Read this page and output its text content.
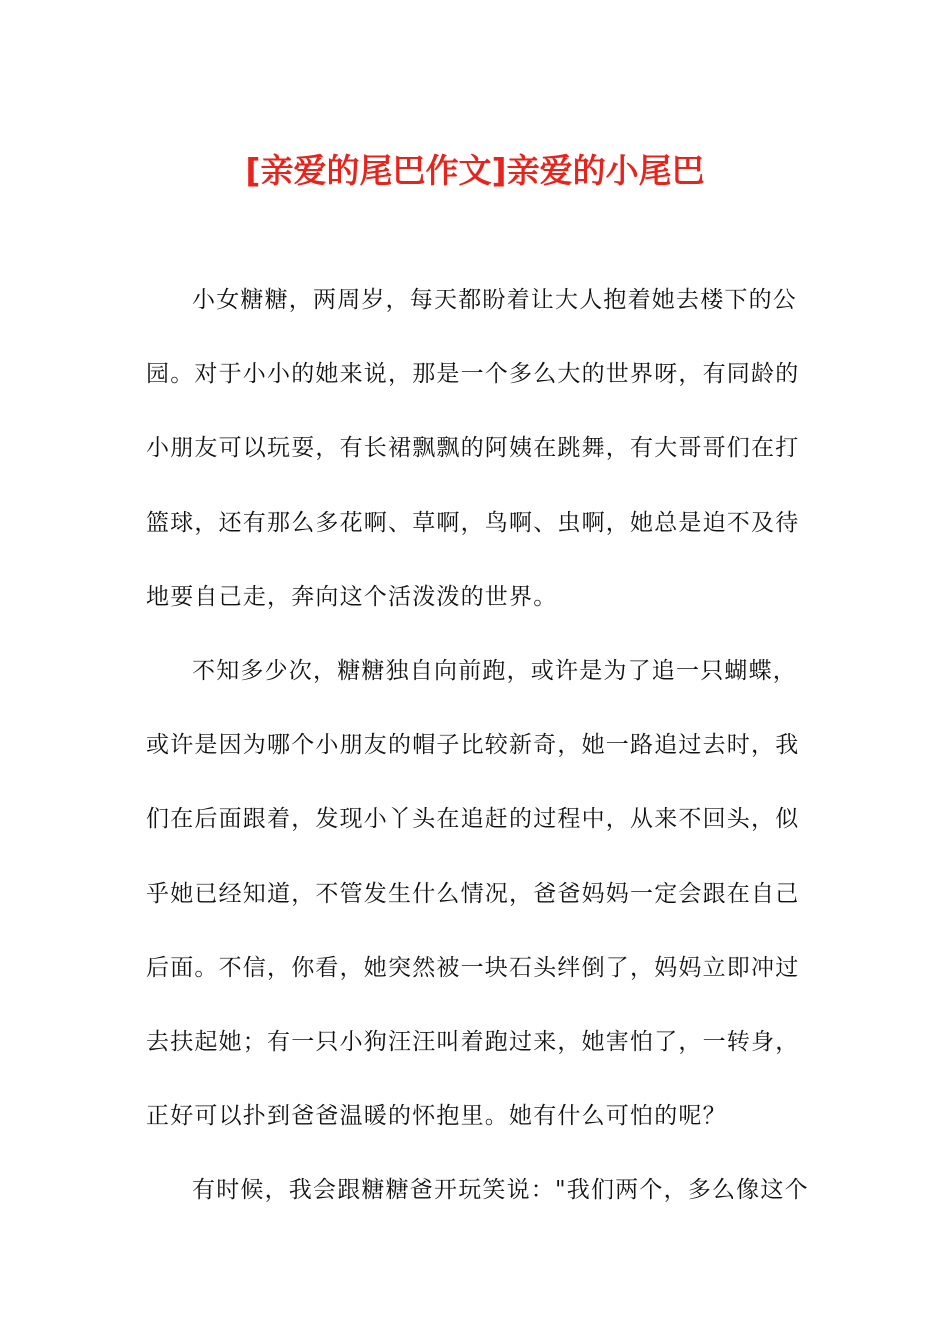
[亲爱的尾巴作文]亲爱的小尾巴
小女糖糖，两周岁，每天都盼着让大人抱着她去楼下的公
园。对于小小的她来说，那是一个多么大的世界呀，有同龄的
小朋友可以玩耍，有长裙飘飘的阿姨在跳舞，有大哥哥们在打
篮球，还有那么多花啊、草啊，鸟啊、虫啊，她总是迫不及待
地要自己走，奔向这个活泼泼的世界。
不知多少次，糖糖独自向前跑，或许是为了追一只蝴蝶，
或许是因为哪个小朋友的帽子比较新奇，她一路追过去时，我
们在后面跟着，发现小丫头在追赶的过程中，从来不回头，似
乎她已经知道，不管发生什么情况，爸爸妈妈一定会跟在自己
后面。不信，你看，她突然被一块石头绊倒了，妈妈立即冲过
去扶起她；有一只小狗汪汪叫着跑过来，她害怕了，一转身，
正好可以扑到爸爸温暖的怀抱里。她有什么可怕的呢？
有时候，我会跟糖糖爸开玩笑说："我们两个，多么像这个
